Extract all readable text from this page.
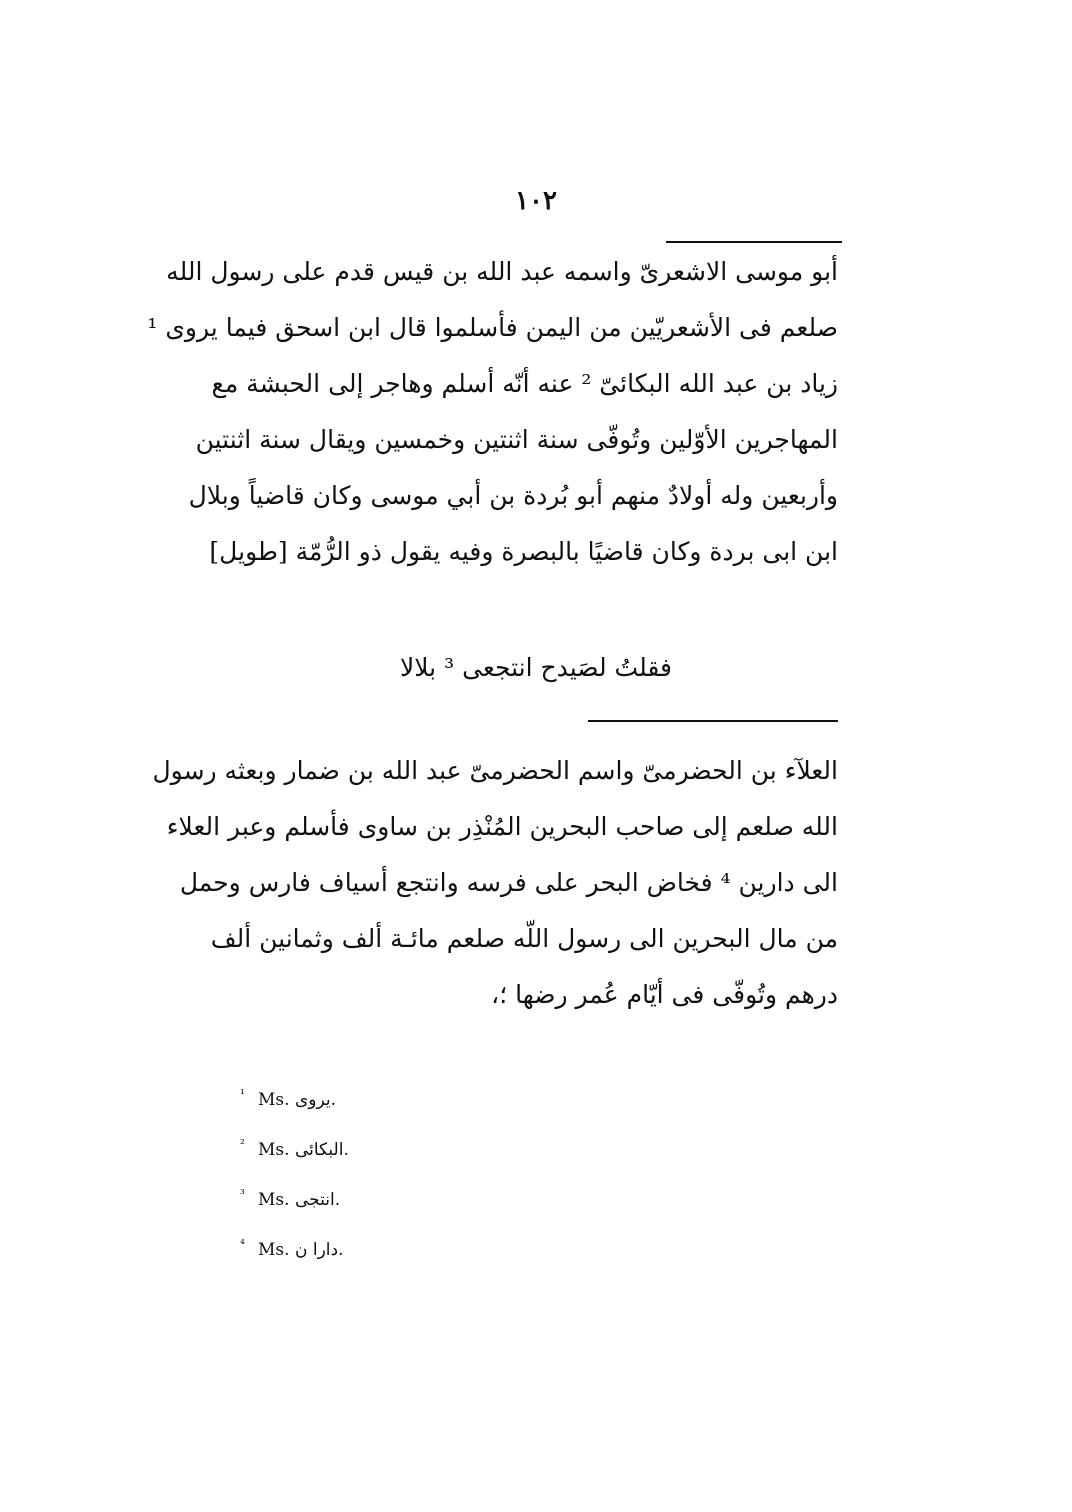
١٠٢
أبو موسى الاشعرىّ واسمه عبد الله بن قيس قدم على رسول الله
صلعم فى الأشعريّين من اليمن فأسلموا قال ابن اسحق فيما يروى ¹
زياد بن عبد الله البكائىّ ² عنه أنّه أسلم وهاجر إلى الحبشة مع
المهاجرين الأوّلين وتُوفّى سنة اثنتين وخمسين ويقال سنة اثنتين
وأربعين وله أولادٌ منهم أبو بُردة بن أبي موسى وكان قاضياً وبلال
ابن ابى بردة وكان قاضيًا بالبصرة وفيه يقول ذو الرُّمّة [طويل]
فقلتُ لصَيدح انتجعى ³ بلالا
العلآء بن الحضرمىّ واسم الحضرمىّ عبد الله بن ضمار وبعثه رسول
الله صلعم إلى صاحب البحرين المُنْذِر بن ساوى فأسلم وعبر العلاء
الى دارين ⁴ فخاض البحر على فرسه وانتجع أسياف فارس وحمل
من مال البحرين الى رسول اللّه صلعم مائـة ألف وثمانين ألف
درهم وتُوفّى فى أيّام عُمر رضها ؛،
¹ Ms. يروى.
² Ms. البكائى.
³ Ms. انتجى.
⁴ Ms. دارا ن.
